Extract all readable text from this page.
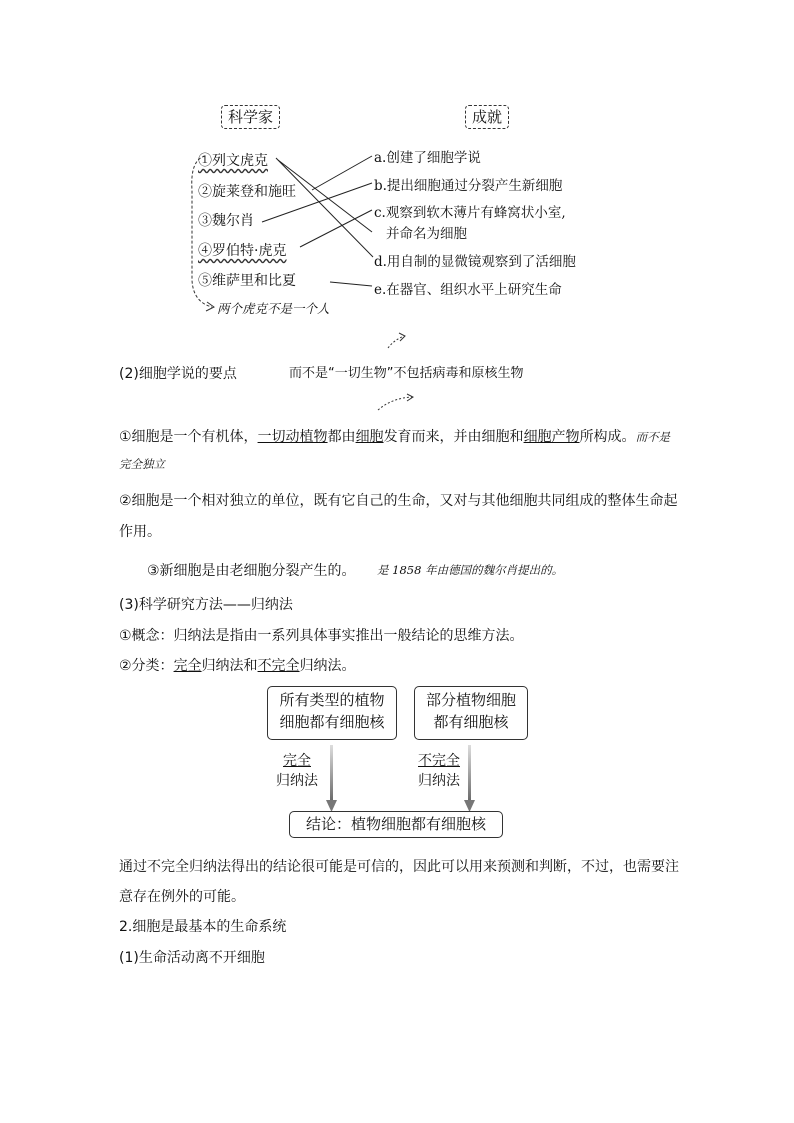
科学家	成就
①列文虎克
②旋莱登和施旺
③魏尔肖
④罗伯特·虎克
⑤维萨里和比夏
a.创建了细胞学说
b.提出细胞通过分裂产生新细胞
c.观察到软木薄片有蜂窝状小室,
并命名为细胞
d.用自制的显微镜观察到了活细胞
e.在器官、组织水平上研究生命
两个虎克不是一个人
(2)细胞学说的要点	而不是“一切生物”不包括病毒和原核生物
①细胞是一个有机体，一切动植物都由细胞发育而来，并由细胞和细胞产物所构成。而不是
完全独立
②细胞是一个相对独立的单位，既有它自己的生命，又对与其他细胞共同组成的整体生命起
作用。
③新细胞是由老细胞分裂产生的。 是 1858 年由德国的魏尔肖提出的。
(3)科学研究方法——归纳法
①概念：归纳法是指由一系列具体事实推出一般结论的思维方法。
②分类：完全归纳法和不完全归纳法。
所有类型的植物
细胞都有细胞核
部分植物细胞
都有细胞核
完全
归纳法
不完全
归纳法
结论：植物细胞都有细胞核
通过不完全归纳法得出的结论很可能是可信的，因此可以用来预测和判断，不过，也需要注
意存在例外的可能。
2.细胞是最基本的生命系统
(1)生命活动离不开细胞
